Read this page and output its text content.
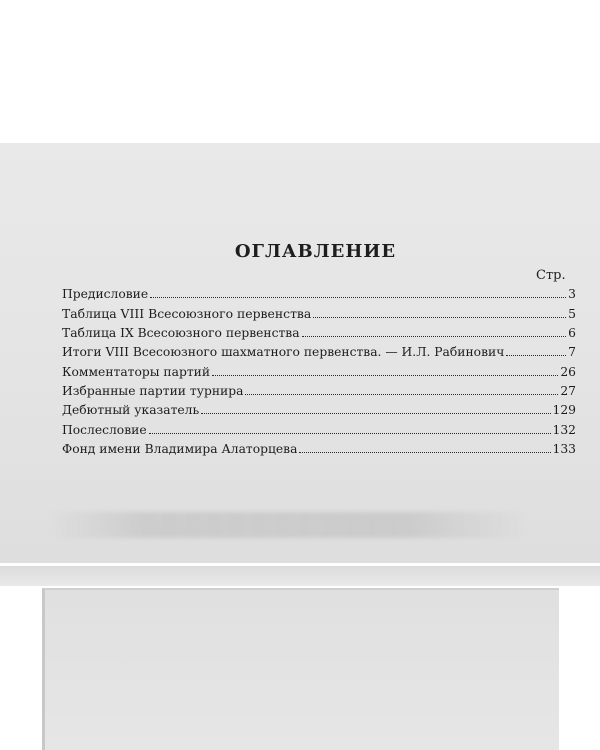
ОГЛАВЛЕНИЕ
Стр.
Предисловие	3
Таблица VIII Всесоюзного первенства	5
Таблица IX Всесоюзного первенства	6
Итоги VIII Всесоюзного шахматного первенства. — И.Л. Рабинович	7
Комментаторы партий	26
Избранные партии турнира	27
Дебютный указатель	129
Послесловие	132
Фонд имени Владимира Алаторцева	133
